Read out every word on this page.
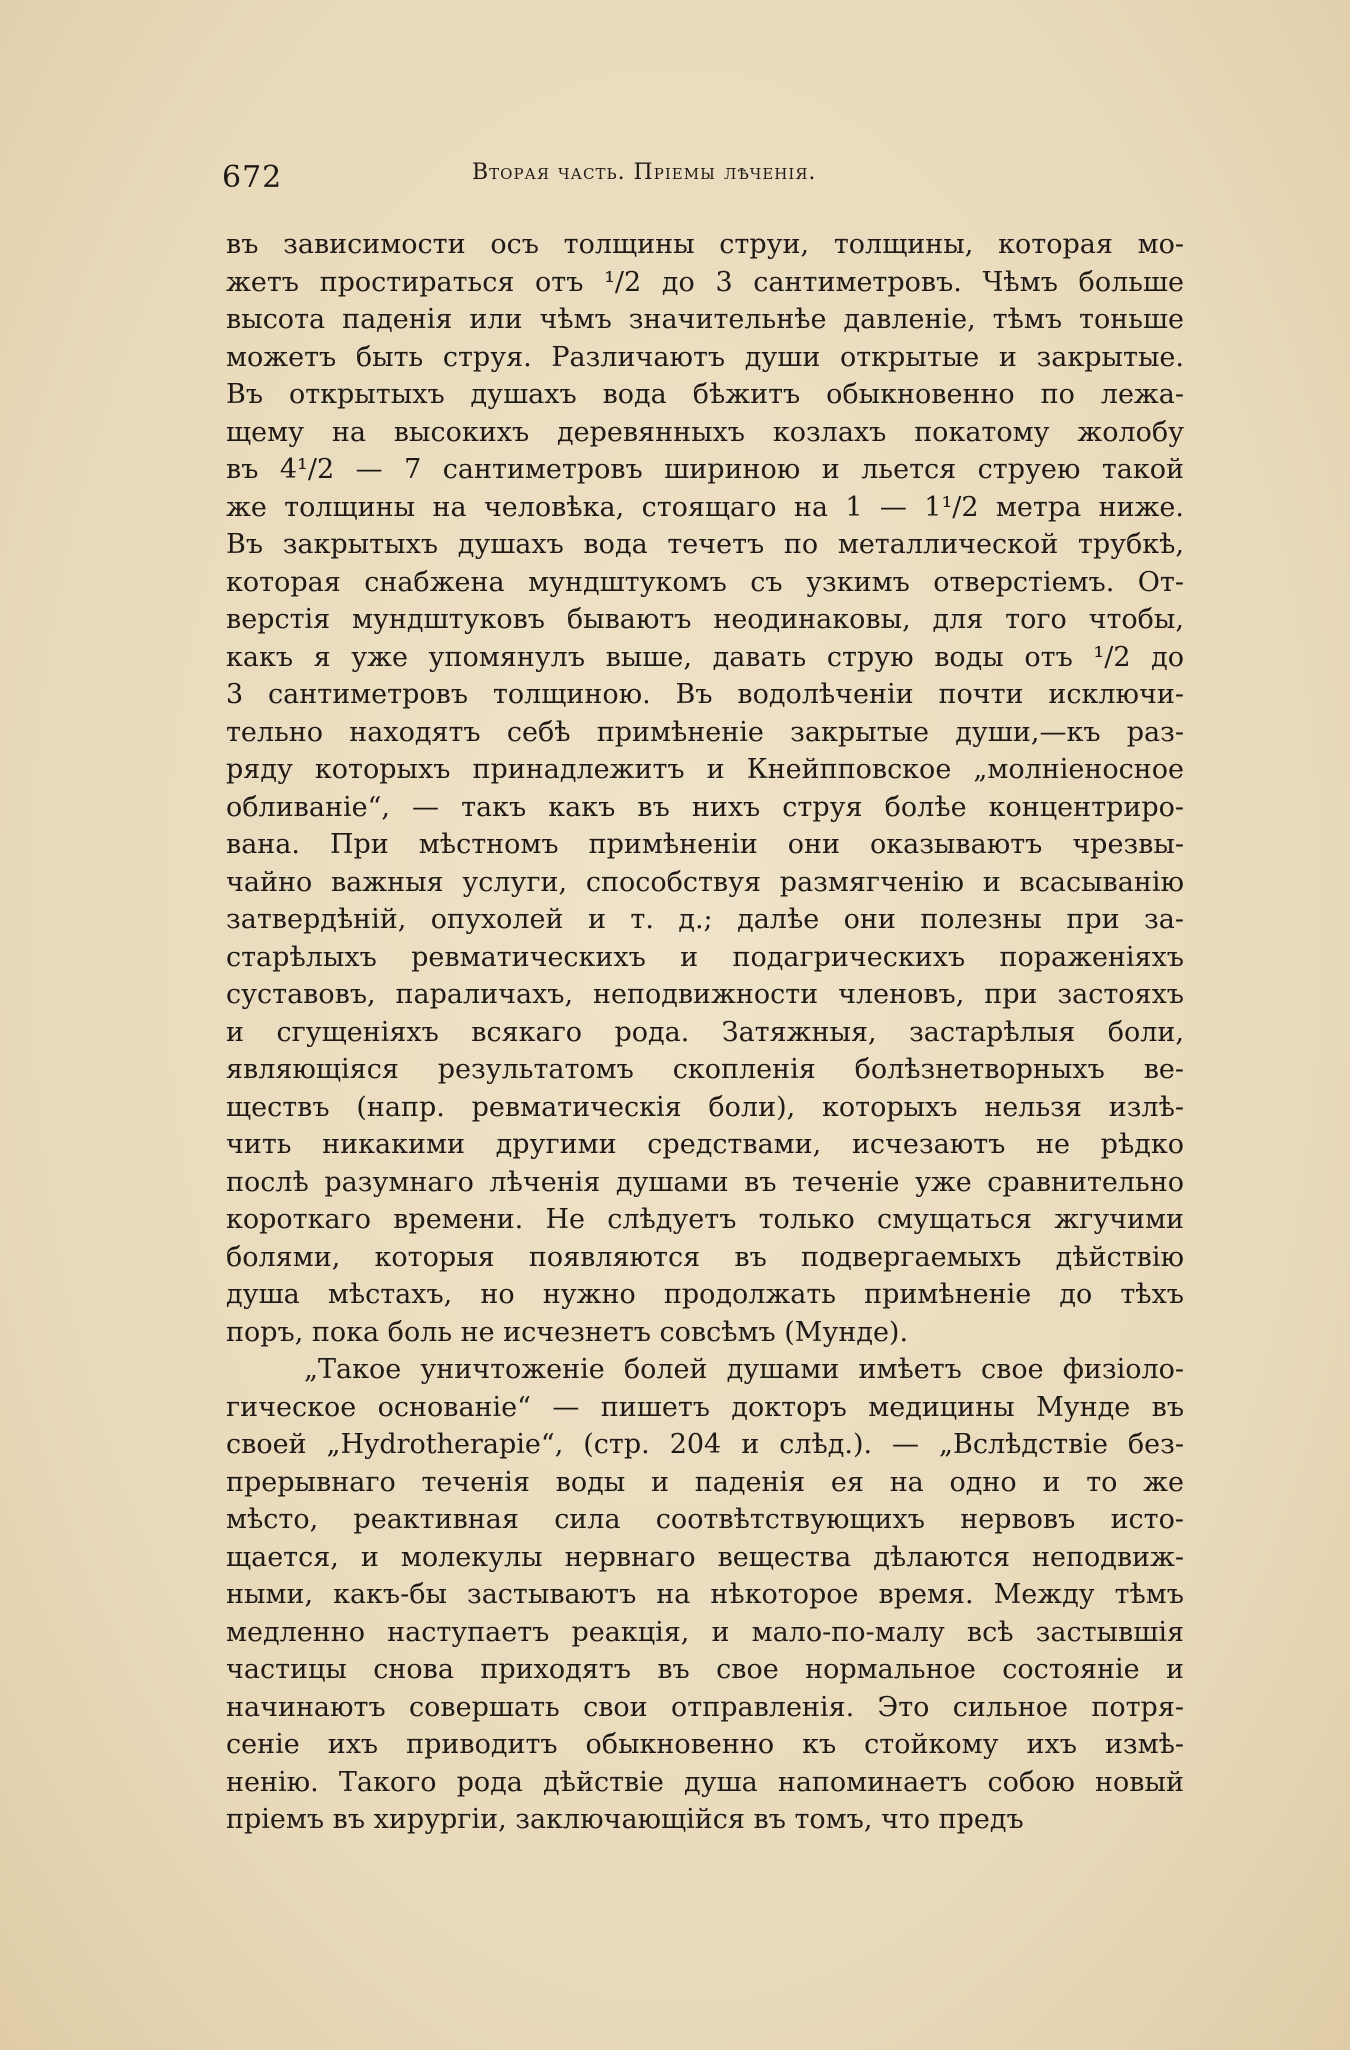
672	Вторая часть. Пріемы лѣченія.
въ зависимости осъ толщины струи, толщины, которая мо-
жетъ простираться отъ ¹/2 до 3 сантиметровъ. Чѣмъ больше
высота паденія или чѣмъ значительнѣе давленіе, тѣмъ тоньше
можетъ быть струя. Различаютъ души открытые и закрытые.
Въ открытыхъ душахъ вода бѣжитъ обыкновенно по лежа-
щему на высокихъ деревянныхъ козлахъ покатому жолобу
въ 4¹/2 — 7 сантиметровъ шириною и льется струею такой
же толщины на человѣка, стоящаго на 1 — 1¹/2 метра ниже.
Въ закрытыхъ душахъ вода течетъ по металлической трубкѣ,
которая снабжена мундштукомъ съ узкимъ отверстіемъ. От-
верстія мундштуковъ бываютъ неодинаковы, для того чтобы,
какъ я уже упомянулъ выше, давать струю воды отъ ¹/2 до
3 сантиметровъ толщиною. Въ водолѣченіи почти исключи-
тельно находятъ себѣ примѣненіе закрытые души,—къ раз-
ряду которыхъ принадлежитъ и Кнейпповское „молніеносное
обливаніе“, — такъ какъ въ нихъ струя болѣе концентриро-
вана. При мѣстномъ примѣненіи они оказываютъ чрезвы-
чайно важныя услуги, способствуя размягченію и всасыванію
затвердѣній, опухолей и т. д.; далѣе они полезны при за-
старѣлыхъ ревматическихъ и подагрическихъ пораженіяхъ
суставовъ, параличахъ, неподвижности членовъ, при застояхъ
и сгущеніяхъ всякаго рода. Затяжныя, застарѣлыя боли,
являющіяся результатомъ скопленія болѣзнетворныхъ ве-
ществъ (напр. ревматическія боли), которыхъ нельзя излѣ-
чить никакими другими средствами, исчезаютъ не рѣдко
послѣ разумнаго лѣченія душами въ теченіе уже сравнительно
короткаго времени. Не слѣдуетъ только смущаться жгучими
болями, которыя появляются въ подвергаемыхъ дѣйствію
душа мѣстахъ, но нужно продолжать примѣненіе до тѣхъ
поръ, пока боль не исчезнетъ совсѣмъ (Мунде).
„Такое уничтоженіе болей душами имѣетъ свое физіоло-
гическое основаніе“ — пишетъ докторъ медицины Мунде въ
своей „Hydrotherapie“, (стр. 204 и слѣд.). — „Вслѣдствіе без-
прерывнаго теченія воды и паденія ея на одно и то же
мѣсто, реактивная сила соотвѣтствующихъ нервовъ исто-
щается, и молекулы нервнаго вещества дѣлаются неподвиж-
ными, какъ-бы застываютъ на нѣкоторое время. Между тѣмъ
медленно наступаетъ реакція, и мало-по-малу всѣ застывшія
частицы снова приходятъ въ свое нормальное состояніе и
начинаютъ совершать свои отправленія. Это сильное потря-
сеніе ихъ приводитъ обыкновенно къ стойкому ихъ измѣ-
ненію. Такого рода дѣйствіе душа напоминаетъ собою новый
пріемъ въ хирургіи, заключающійся въ томъ, что предъ
